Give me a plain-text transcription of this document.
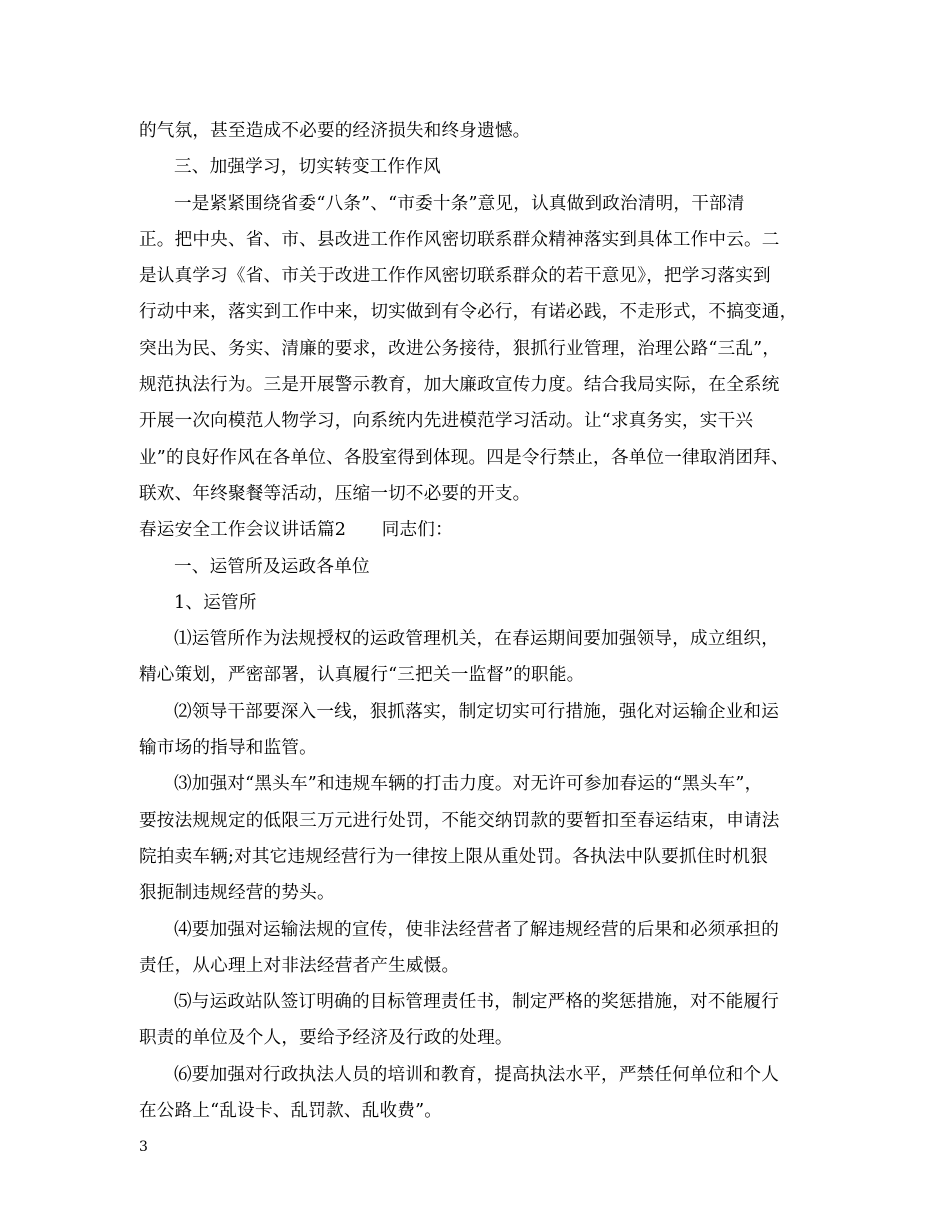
的气氛，甚至造成不必要的经济损失和终身遗憾。
三、加强学习，切实转变工作作风
一是紧紧围绕省委“八条”、“市委十条”意见，认真做到政治清明，干部清
正。把中央、省、市、县改进工作作风密切联系群众精神落实到具体工作中云。二
是认真学习《省、市关于改进工作作风密切联系群众的若干意见》，把学习落实到
行动中来，落实到工作中来，切实做到有令必行，有诺必践，不走形式，不搞变通，
突出为民、务实、清廉的要求，改进公务接待，狠抓行业管理，治理公路“三乱”，
规范执法行为。三是开展警示教育，加大廉政宣传力度。结合我局实际，在全系统
开展一次向模范人物学习，向系统内先进模范学习活动。让“求真务实，实干兴
业”的良好作风在各单位、各股室得到体现。四是令行禁止，各单位一律取消团拜、
联欢、年终聚餐等活动，压缩一切不必要的开支。
春运安全工作会议讲话篇2　　同志们：
一、运管所及运政各单位
1、运管所
⑴运管所作为法规授权的运政管理机关，在春运期间要加强领导，成立组织，
精心策划，严密部署，认真履行“三把关一监督”的职能。
⑵领导干部要深入一线，狠抓落实，制定切实可行措施，强化对运输企业和运
输市场的指导和监管。
⑶加强对“黑头车”和违规车辆的打击力度。对无许可参加春运的“黑头车”，
要按法规规定的低限三万元进行处罚，不能交纳罚款的要暂扣至春运结束，申请法
院拍卖车辆;对其它违规经营行为一律按上限从重处罚。各执法中队要抓住时机狠
狠扼制违规经营的势头。
⑷要加强对运输法规的宣传，使非法经营者了解违规经营的后果和必须承担的
责任，从心理上对非法经营者产生威慑。
⑸与运政站队签订明确的目标管理责任书，制定严格的奖惩措施，对不能履行
职责的单位及个人，要给予经济及行政的处理。
⑹要加强对行政执法人员的培训和教育，提高执法水平，严禁任何单位和个人
在公路上“乱设卡、乱罚款、乱收费”。
3
